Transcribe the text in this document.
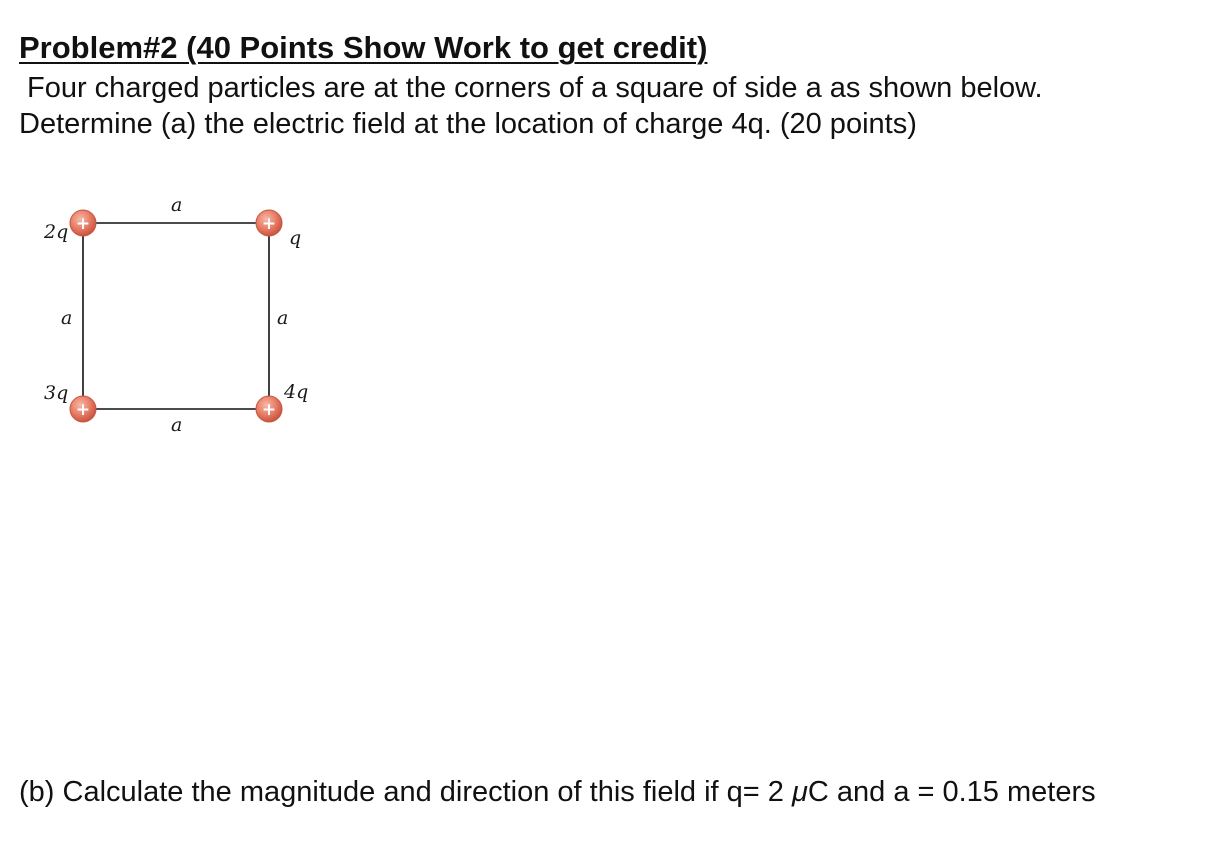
Problem#2 (40 Points Show Work to get credit)
Four charged particles are at the corners of a square of side a as shown below.
Determine (a) the electric field at the location of charge 4q. (20 points)
+	+
+	+
2q	q
3q	4q
a
a	a
a
(b) Calculate the magnitude and direction of this field if q= 2 μC and a = 0.15 meters
